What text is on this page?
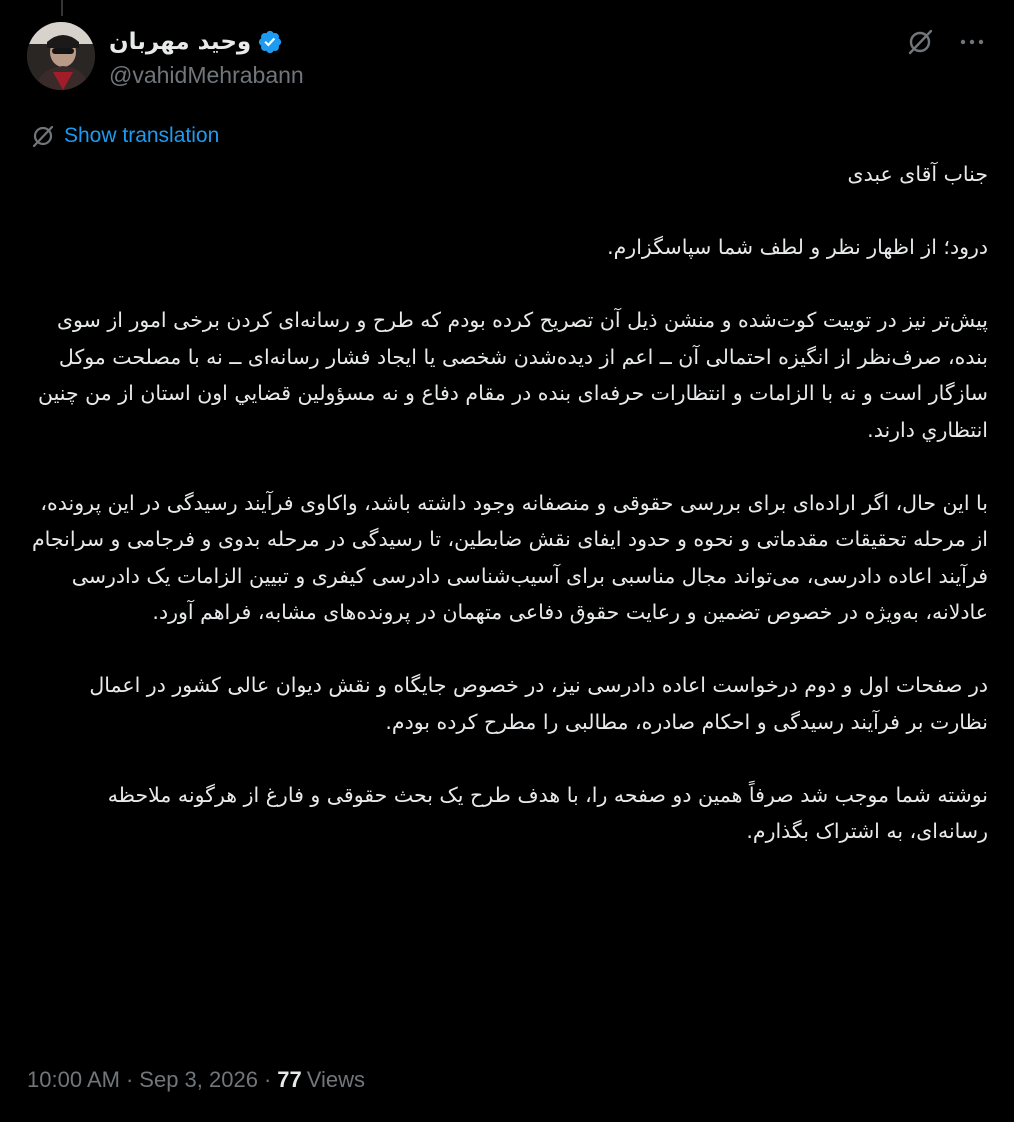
وحید مهربان
@vahidMehrabann
Show translation

جناب آقای عبدی

درود؛ از اظهار نظر و لطف شما سپاسگزارم.

پیش‌تر نیز در توییت کوت‌شده و منشن ذیل آن تصریح کرده بودم که طرح و رسانه‌ای کردن برخی امور از سوی بنده، صرف‌نظر از انگیزه احتمالی آن ــ اعم از دیده‌شدن شخصی یا ایجاد فشار رسانه‌ای ــ نه با مصلحت موکل سازگار است و نه با الزامات و انتظارات حرفه‌ای بنده در مقام دفاع و نه مسؤولین قضايي اون استان از من چنين انتظاري دارند.

با این حال، اگر اراده‌ای برای بررسی حقوقی و منصفانه وجود داشته باشد، واکاوی فرآیند رسیدگی در این پرونده، از مرحله تحقیقات مقدماتی و نحوه و حدود ایفای نقش ضابطین، تا رسیدگی در مرحله بدوی و فرجامی و سرانجام فرآیند اعاده دادرسی، می‌تواند مجال مناسبی برای آسیب‌شناسی دادرسی کیفری و تبیین الزامات یک دادرسی عادلانه، به‌ویژه در خصوص تضمین و رعایت حقوق دفاعی متهمان در پرونده‌های مشابه، فراهم آورد.

در صفحات اول و دوم درخواست اعاده دادرسی نیز، در خصوص جایگاه و نقش دیوان عالی کشور در اعمال نظارت بر فرآیند رسیدگی و احکام صادره، مطالبی را مطرح کرده بودم.

نوشته شما موجب شد صرفاً همین دو صفحه را، با هدف طرح یک بحث حقوقی و فارغ از هرگونه ملاحظه رسانه‌ای، به اشتراک بگذارم.

10:00 AM · Sep 3, 2026 · 77 Views
